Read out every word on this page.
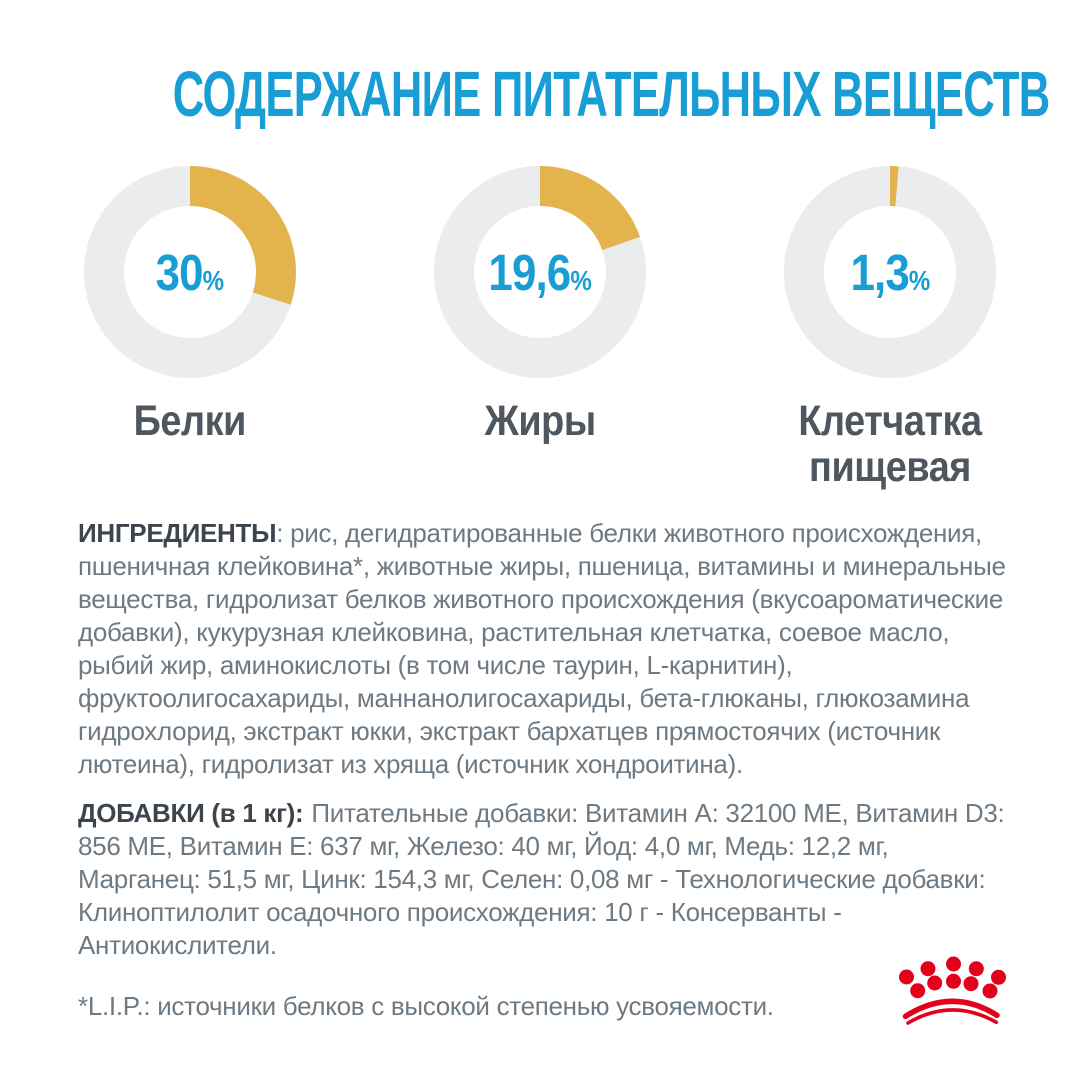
СОДЕРЖАНИЕ ПИТАТЕЛЬНЫХ ВЕЩЕСТВ
30%
Белки
19,6%
Жиры
1,3%
Клетчатка пищевая

ИНГРЕДИЕНТЫ: рис, дегидратированные белки животного происхождения, пшеничная клейковина*, животные жиры, пшеница, витамины и минеральные вещества, гидролизат белков животного происхождения (вкусоароматические добавки), кукурузная клейковина, растительная клетчатка, соевое масло, рыбий жир, аминокислоты (в том числе таурин, L-карнитин), фруктоолигосахариды, маннанолигосахариды, бета-глюканы, глюкозамина гидрохлорид, экстракт юкки, экстракт бархатцев прямостоячих (источник лютеина), гидролизат из хряща (источник хондроитина).

ДОБАВКИ (в 1 кг): Питательные добавки: Витамин A: 32100 МЕ, Витамин D3: 856 МЕ, Витамин E: 637 мг, Железо: 40 мг, Йод: 4,0 мг, Медь: 12,2 мг, Марганец: 51,5 мг, Цинк: 154,3 мг, Селен: 0,08 мг - Технологические добавки: Клиноптилолит осадочного происхождения: 10 г - Консерванты - Антиокислители.

*L.I.P.: источники белков с высокой степенью усвояемости.
